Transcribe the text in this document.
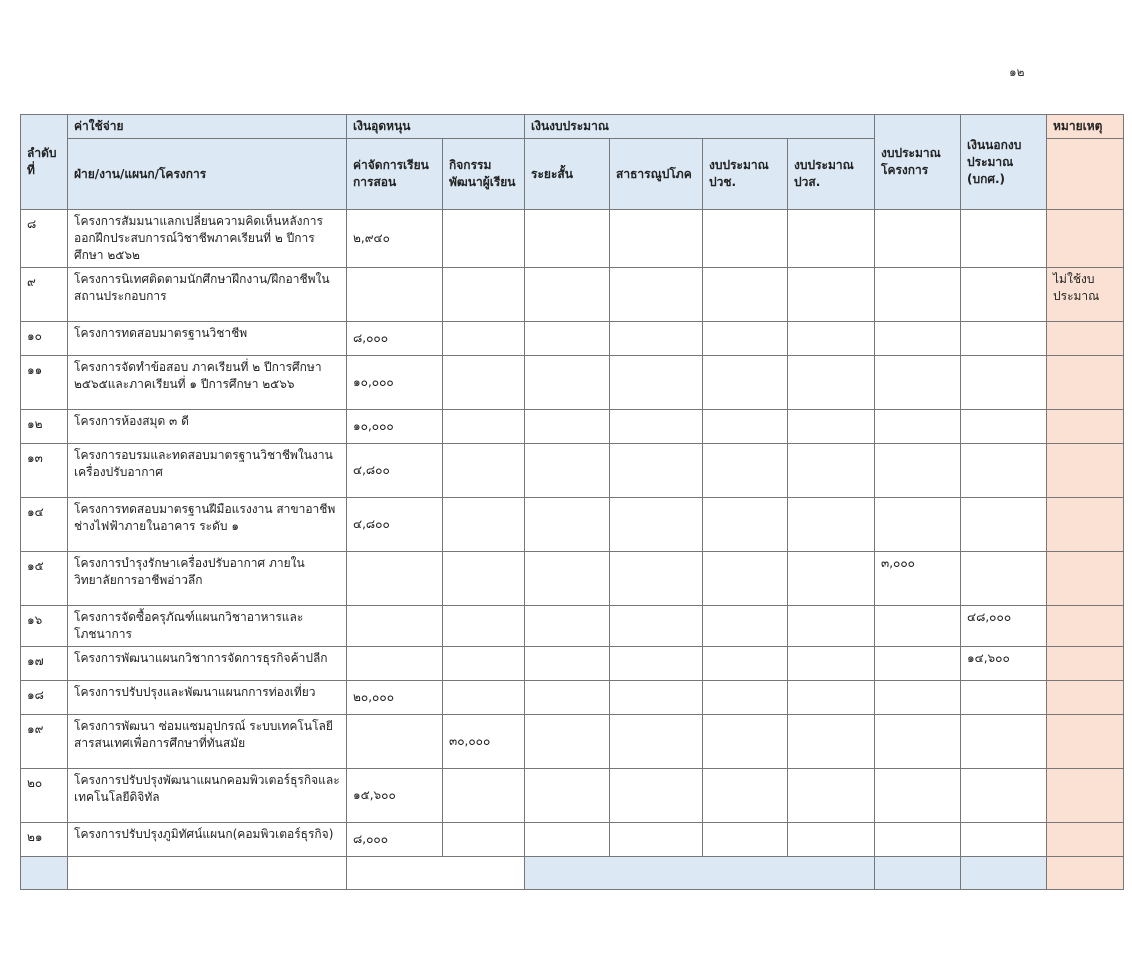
๑๒
ลำดับ ที่	ค่าใช้จ่าย	เงินอุดหนุน		เงินงบประมาณ				งบประมาณโครงการ	เงินนอกงบประมาณ (บกศ.)	หมายเหตุ
	ฝ่าย/งาน/แผนก/โครงการ	ค่าจัดการเรียนการสอน	กิจกรรมพัฒนาผู้เรียน	ระยะสั้น	สาธารณูปโภค	งบประมาณ ปวช.	งบประมาณ ปวส.			
๘	โครงการสัมมนาแลกเปลี่ยนความคิดเห็นหลังการออกฝึกประสบการณ์วิชาชีพภาคเรียนที่ ๒ ปีการศึกษา ๒๕๖๒	๒,๙๔๐								
๙	โครงการนิเทศติดตามนักศึกษาฝึกงาน/ฝึกอาชีพในสถานประกอบการ									ไม่ใช้งบประมาณ
๑๐	โครงการทดสอบมาตรฐานวิชาชีพ	๘,๐๐๐								
๑๑	โครงการจัดทำข้อสอบ ภาคเรียนที่ ๒ ปีการศึกษา ๒๕๖๕และภาคเรียนที่ ๑ ปีการศึกษา ๒๕๖๖	๑๐,๐๐๐								
๑๒	โครงการห้องสมุด ๓ ดี	๑๐,๐๐๐								
๑๓	โครงการอบรมและทดสอบมาตรฐานวิชาชีพในงานเครื่องปรับอากาศ	๔,๘๐๐								
๑๔	โครงการทดสอบมาตรฐานฝีมือแรงงาน สาขาอาชีพช่างไฟฟ้าภายในอาคาร ระดับ ๑	๔,๘๐๐								
๑๕	โครงการบำรุงรักษาเครื่องปรับอากาศ ภายในวิทยาลัยการอาชีพอ่าวลึก							๓,๐๐๐		
๑๖	โครงการจัดซื้อครุภัณฑ์แผนกวิชาอาหารและโภชนาการ								๔๘,๐๐๐	
๑๗	โครงการพัฒนาแผนกวิชาการจัดการธุรกิจค้าปลีก								๑๔,๖๐๐	
๑๘	โครงการปรับปรุงและพัฒนาแผนกการท่องเที่ยว	๒๐,๐๐๐								
๑๙	โครงการพัฒนา ซ่อมแซมอุปกรณ์ ระบบเทคโนโลยีสารสนเทศเพื่อการศึกษาที่ทันสมัย		๓๐,๐๐๐							
๒๐	โครงการปรับปรุงพัฒนาแผนกคอมพิวเตอร์ธุรกิจและเทคโนโลยีดิจิทัล	๑๕,๖๐๐								
๒๑	โครงการปรับปรุงภูมิทัศน์แผนก(คอมพิวเตอร์ธุรกิจ)	๘,๐๐๐								
